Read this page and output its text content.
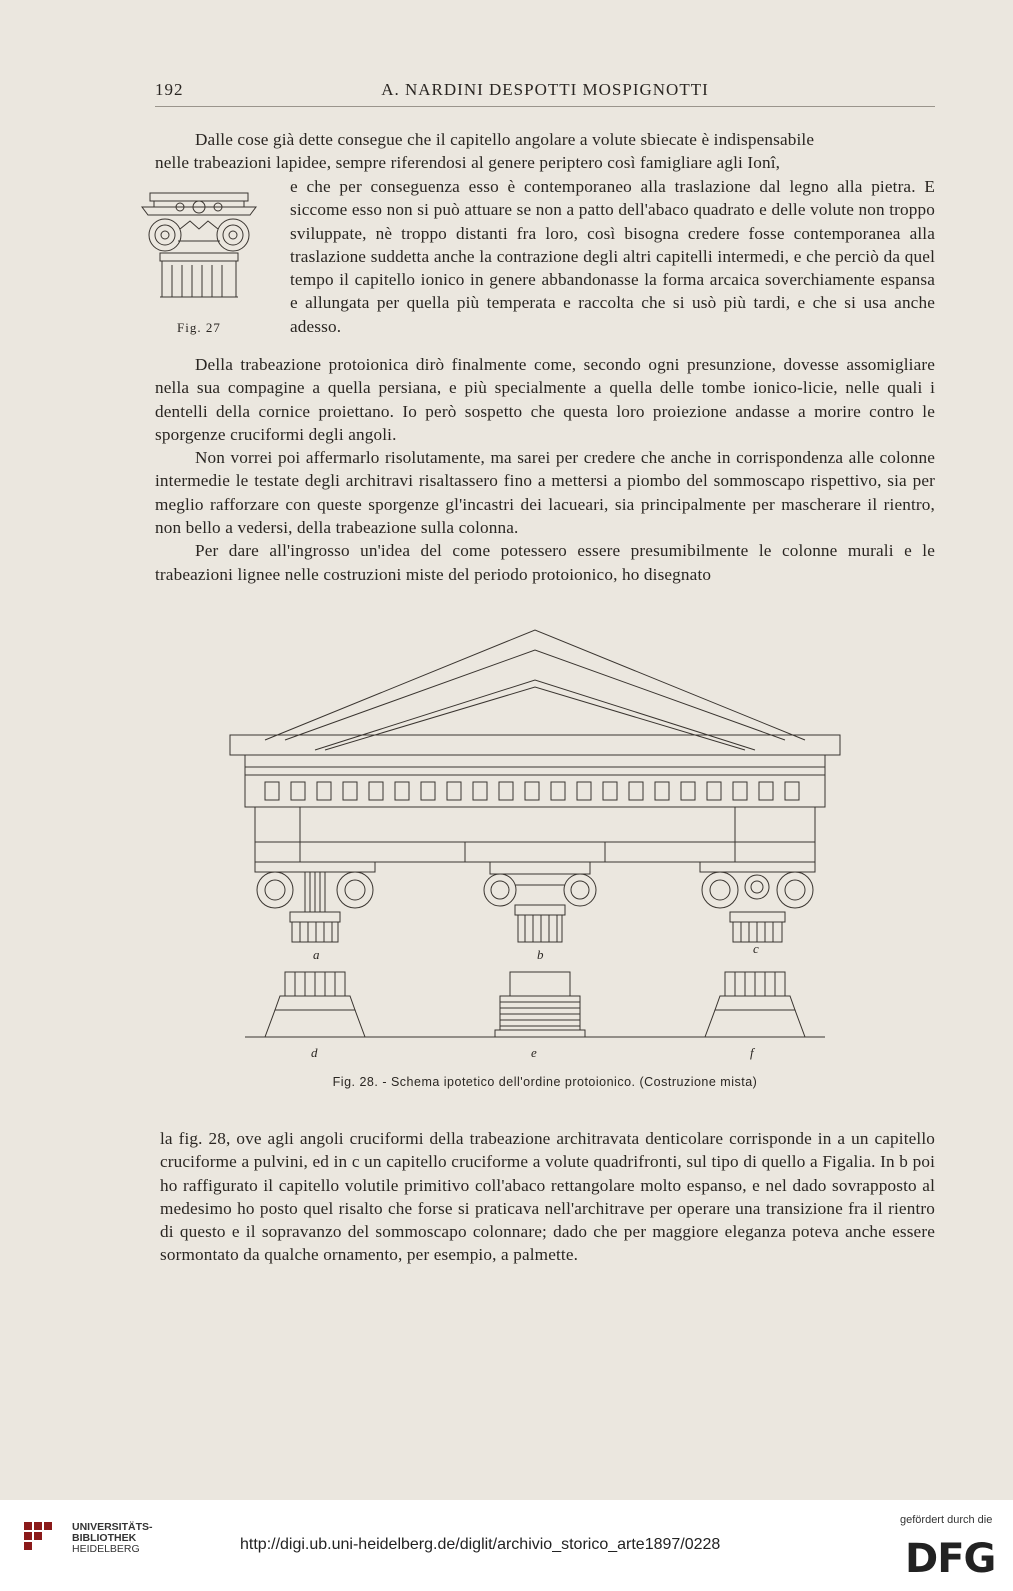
192	A. NARDINI DESPOTTI MOSPIGNOTTI
Dalle cose già dette consegue che il capitello angolare a volute sbiecate è indispensabile
nelle trabeazioni lapidee, sempre riferendosi al genere periptero così famigliare agli Ionî,
Fig. 27
e che per conseguenza esso è contemporaneo alla traslazione dal legno alla pietra. E siccome esso non si può attuare se non a patto dell'abaco quadrato e delle volute non troppo sviluppate, nè troppo distanti fra loro, così bisogna credere fosse contemporanea alla traslazione suddetta anche la contrazione degli altri capitelli intermedi, e che perciò da quel tempo il capitello ionico in genere abbandonasse la forma arcaica soverchiamente espansa e allungata per quella più temperata e raccolta che si usò più tardi, e che si usa anche adesso.

Della trabeazione protoionica dirò finalmente come, secondo ogni presunzione, dovesse assomigliare nella sua compagine a quella persiana, e più specialmente a quella delle tombe ionico-licie, nelle quali i dentelli della cornice proiettano. Io però sospetto che questa loro proiezione andasse a morire contro le sporgenze cruciformi degli angoli.

Non vorrei poi affermarlo risolutamente, ma sarei per credere che anche in corrispondenza alle colonne intermedie le testate degli architravi risaltassero fino a mettersi a piombo del sommoscapo rispettivo, sia per meglio rafforzare con queste sporgenze gl'incastri dei lacueari, sia principalmente per mascherare il rientro, non bello a vedersi, della trabeazione sulla colonna.

Per dare all'ingrosso un'idea del come potessero essere presumibilmente le colonne murali e le trabeazioni lignee nelle costruzioni miste del periodo protoionico, ho disegnato

a	b	c
d	e	f
Fig. 28. - Schema ipotetico dell'ordine protoionico. (Costruzione mista)

la fig. 28, ove agli angoli cruciformi della trabeazione architravata denticolare corrisponde in a un capitello cruciforme a pulvini, ed in c un capitello cruciforme a volute quadrifronti, sul tipo di quello a Figalia. In b poi ho raffigurato il capitello volutile primitivo coll'abaco rettangolare molto espanso, e nel dado sovrapposto al medesimo ho posto quel risalto che forse si praticava nell'architrave per operare una transizione fra il rientro di questo e il sopravanzo del sommoscapo colonnare; dado che per maggiore eleganza poteva anche essere sormontato da qualche ornamento, per esempio, a palmette.

UNIVERSITÄTS-
BIBLIOTHEK
HEIDELBERG	http://digi.ub.uni-heidelberg.de/diglit/archivio_storico_arte1897/0228
gefördert durch die
DFG
